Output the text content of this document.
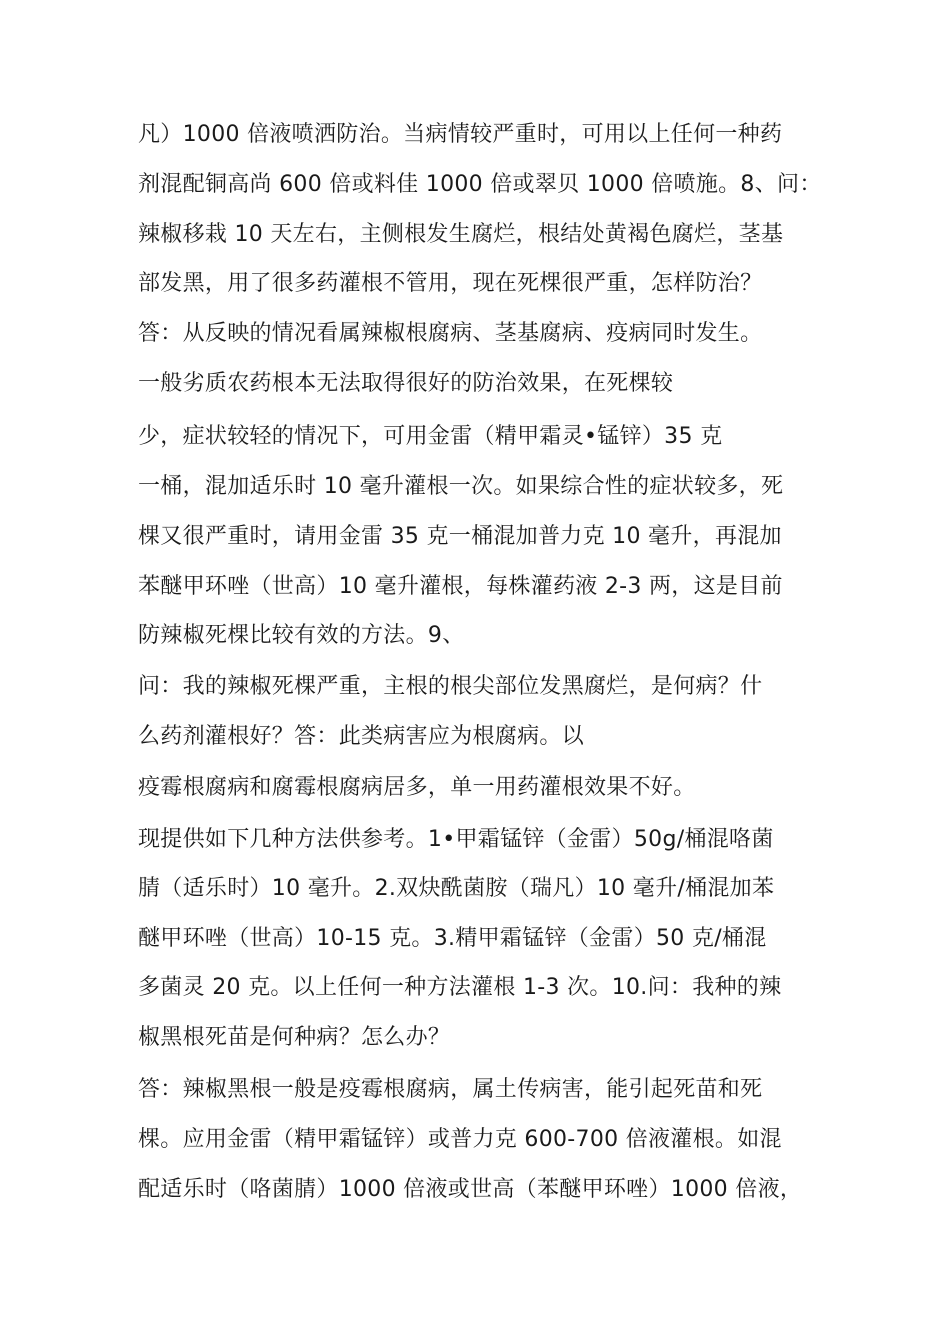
凡）1000 倍液喷洒防治。当病情较严重时，可用以上任何一种药

剂混配铜高尚 600 倍或料佳 1000 倍或翠贝 1000 倍喷施。8、问：

辣椒移栽 10 天左右，主侧根发生腐烂，根结处黄褐色腐烂，茎基

部发黑，用了很多药灌根不管用，现在死棵很严重，怎样防治？

答：从反映的情况看属辣椒根腐病、茎基腐病、疫病同时发生。

一般劣质农药根本无法取得很好的防治效果，在死棵较

少，症状较轻的情况下，可用金雷（精甲霜灵•锰锌）35 克

一桶，混加适乐时 10 毫升灌根一次。如果综合性的症状较多，死

棵又很严重时，请用金雷 35 克一桶混加普力克 10 毫升，再混加

苯醚甲环唑（世高）10 毫升灌根，每株灌药液 2-3 两，这是目前

防辣椒死棵比较有效的方法。9、

问：我的辣椒死棵严重，主根的根尖部位发黑腐烂，是何病？什

么药剂灌根好？答：此类病害应为根腐病。以

疫霉根腐病和腐霉根腐病居多，单一用药灌根效果不好。

现提供如下几种方法供参考。1•甲霜锰锌（金雷）50g/桶混咯菌

腈（适乐时）10 毫升。2.双炔酰菌胺（瑞凡）10 毫升/桶混加苯

醚甲环唑（世高）10-15 克。3.精甲霜锰锌（金雷）50 克/桶混

多菌灵 20 克。以上任何一种方法灌根 1-3 次。10.问：我种的辣

椒黑根死苗是何种病？怎么办？

答：辣椒黑根一般是疫霉根腐病，属土传病害，能引起死苗和死

棵。应用金雷（精甲霜锰锌）或普力克 600-700 倍液灌根。如混

配适乐时（咯菌腈）1000 倍液或世高（苯醚甲环唑）1000 倍液，
